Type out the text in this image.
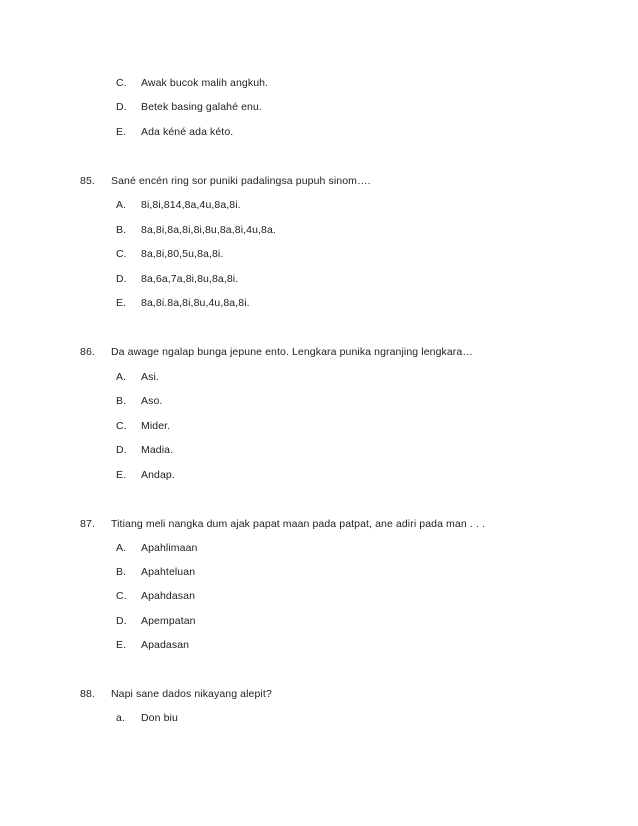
C. Awak bucok malih angkuh.
D. Betek basing galahé enu.
E. Ada kéné ada kéto.
85. Sané encén ring sor puniki padalingsa pupuh sinom….
A. 8i,8i,814,8a,4u,8a,8i.
B. 8a,8i,8a,8i,8i,8u,8a,8i,4u,8a.
C. 8a,8i,80,5u,8a,8i.
D. 8a,6a,7a,8i,8u,8a,8i.
E. 8a,8i.8a,8i,8u,4u,8a,8i.
86. Da awage ngalap bunga jepune ento. Lengkara punika ngranjing lengkara…
A. Asi.
B. Aso.
C. Mider.
D. Madia.
E. Andap.
87. Titiang meli nangka dum ajak papat maan pada patpat, ane adiri pada man . . .
A. Apahlimaan
B. Apahteluan
C. Apahdasan
D. Apempatan
E. Apadasan
88. Napi sane dados nikayang alepit?
a. Don biu
